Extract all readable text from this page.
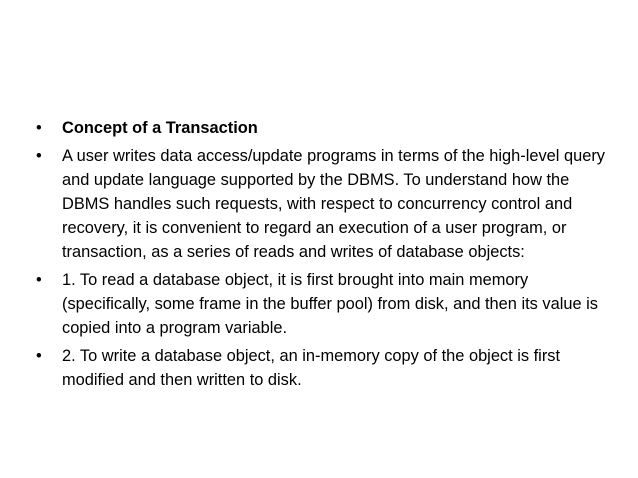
•	Concept of a Transaction
•	A user writes data access/update programs in terms of the high-level query and update language supported by the DBMS. To understand how the DBMS handles such requests, with respect to concurrency control and recovery, it is convenient to regard an execution of a user program, or transaction, as a series of reads and writes of database objects:
•	1. To read a database object, it is first brought into main memory (specifically, some frame in the buffer pool) from disk, and then its value is copied into a program variable.
•	2. To write a database object, an in-memory copy of the object is first modified and then written to disk.
